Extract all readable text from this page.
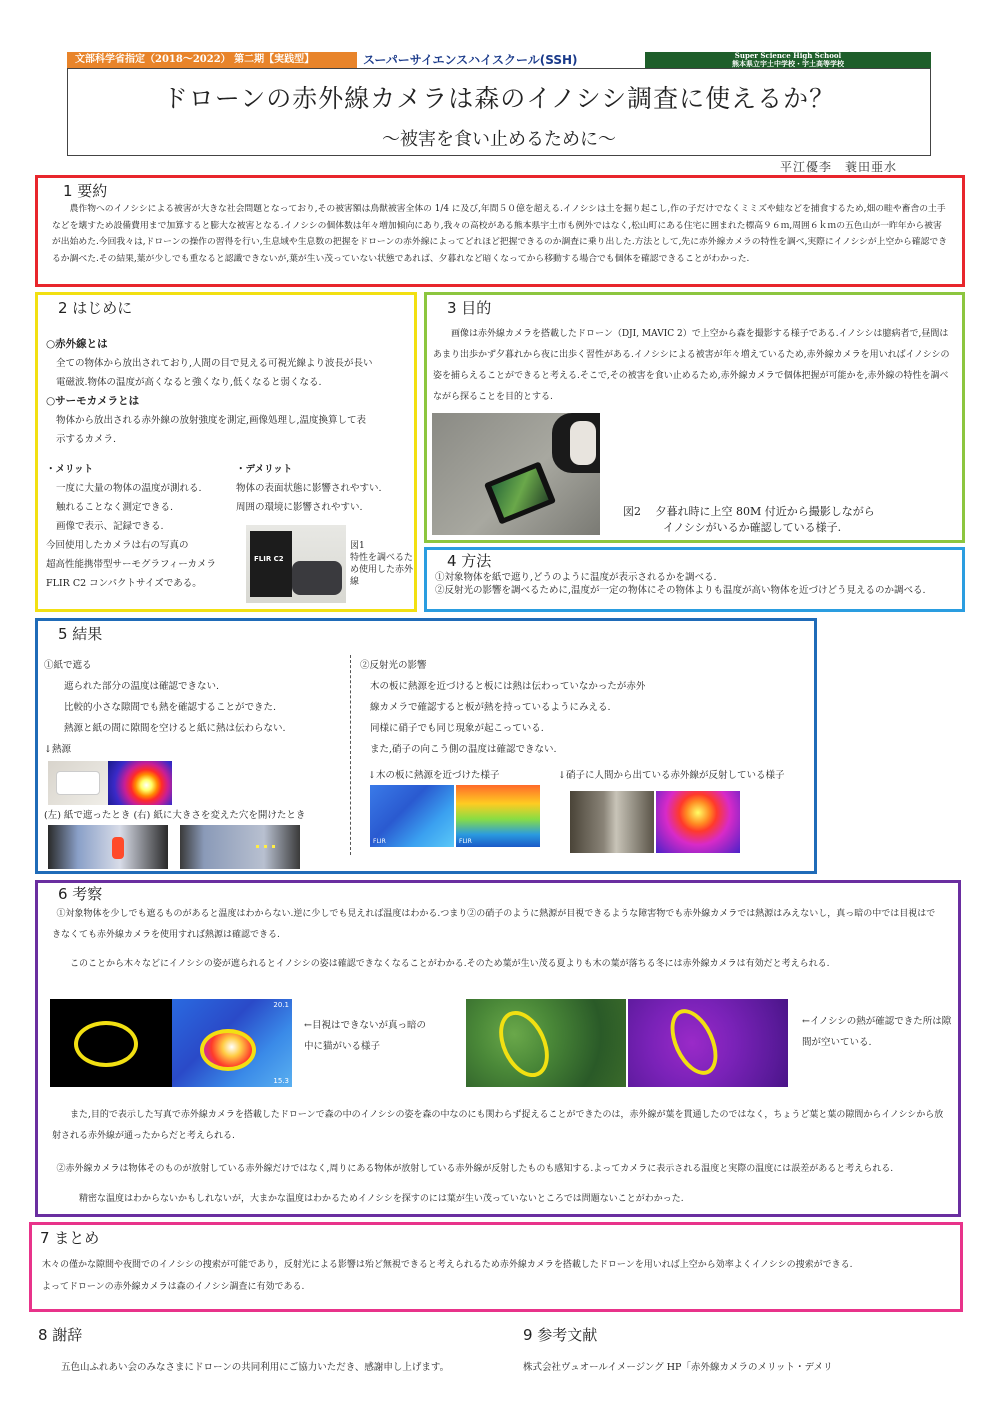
文部科学省指定（2018〜2022） 第二期【実践型】	スーパーサイエンスハイスクール(SSH)	Super Science High School
熊本県立宇土中学校・宇土高等学校
ドローンの赤外線カメラは森のイノシシ調査に使えるか？
〜被害を食い止めるために〜
平江優李　蓑田亜水
1 要約

農作物へのイノシシによる被害が大きな社会問題となっており,その被害額は鳥獣被害全体の 1/4 に及び,年間５０億を超える.イノシシは土を掘り起こし,作の子だけでなくミミズや蛙などを捕食するため,畑の畦や畜舎の土手などを壊すため設備費用まで加算すると膨大な被害となる.イノシシの個体数は年々増加傾向にあり,我々の高校がある熊本県宇土市も例外ではなく,松山町にある住宅に囲まれた標高９６ｍ,周囲６ｋｍの五色山が一昨年から被害が出始めた.今回我々は,ドローンの操作の習得を行い,生息域や生息数の把握をドローンの赤外線によってどれほど把握できるのか調査に乗り出した.方法として,先に赤外線カメラの特性を調べ,実際にイノシシが上空から確認できるか調べた.その結果,葉が少しでも重なると認識できないが,葉が生い茂っていない状態であれば、夕暮れなど暗くなってから移動する場合でも個体を確認できることがわかった.

2 はじめに

○赤外線とは

全ての物体から放出されており,人間の目で見える可視光線より波長が長い
電磁波.物体の温度が高くなると強くなり,低くなると弱くなる.

○サーモカメラとは

物体から放出される赤外線の放射強度を測定,画像処理し,温度換算して表
示するカメラ.

・メリット

一度に大量の物体の温度が測れる.

触れることなく測定できる.

画像で表示、記録できる.

今回使用したカメラは右の写真の

超高性能携帯型サーモグラフィーカメラ

FLIR C2 コンパクトサイズである。

・デメリット

物体の表面状態に影響されやすい.

周囲の環境に影響されやすい.

FLIR C2

図1
特性を調べるため使用した赤外線

3 目的

画像は赤外線カメラを搭載したドローン（DJI, MAVIC 2）で上空から森を撮影する様子である.イノシシは臆病者で,昼間はあまり出歩かず夕暮れから夜に出歩く習性がある.イノシシによる被害が年々増えているため,赤外線カメラを用いればイノシシの姿を捕らえることができると考える.そこで,その被害を食い止めるため,赤外線カメラで個体把握が可能かを,赤外線の特性を調べながら探ることを目的とする.

図2　 夕暮れ時に上空 80M 付近から撮影しながら

イノシシがいるか確認している様子.

4 方法

①対象物体を紙で遮り,どうのように温度が表示されるかを調べる.

②反射光の影響を調べるために,温度が一定の物体にその物体よりも温度が高い物体を近づけどう見えるのか調べる.

5 結果

①紙で遮る

遮られた部分の温度は確認できない.

比較的小さな隙間でも熱を確認することができた.

熱源と紙の間に隙間を空けると紙に熱は伝わらない.

↓熱源

(左) 紙で遮ったとき (右) 紙に大きさを変えた穴を開けたとき

②反射光の影響

木の板に熱源を近づけると板には熱は伝わっていなかったが赤外

線カメラで確認すると板が熱を持っているようにみえる.

同様に硝子でも同じ現象が起こっている.

また,硝子の向こう側の温度は確認できない.

↓木の板に熱源を近づけた様子	↓硝子に人間から出ている赤外線が反射している様子

FLIR	FLIR
6 考察

①対象物体を少しでも遮るものがあると温度はわからない.逆に少しでも見えれば温度はわかる.つまり②の硝子のように熱源が目視できるような障害物でも赤外線カメラでは熱源はみえないし，真っ暗の中では目視はできなくても赤外線カメラを使用すれば熱源は確認できる.

このことから木々などにイノシシの姿が遮られるとイノシシの姿は確認できなくなることがわかる.そのため葉が生い茂る夏よりも木の葉が落ちる冬には赤外線カメラは有効だと考えられる.

20.1
15.3

←目視はできないが真っ暗の中に猫がいる様子

←イノシシの熱が確認できた所は隙間が空いている.

また,目的で表示した写真で赤外線カメラを搭載したドローンで森の中のイノシシの姿を森の中なのにも関わらず捉えることができたのは，赤外線が葉を貫通したのではなく，ちょうど葉と葉の隙間からイノシシから放射される赤外線が通ったからだと考えられる.

②赤外線カメラは物体そのものが放射している赤外線だけではなく,周りにある物体が放射している赤外線が反射したものも感知する.よってカメラに表示される温度と実際の温度には誤差があると考えられる.

精密な温度はわからないかもしれないが，大まかな温度はわかるためイノシシを探すのには葉が生い茂っていないところでは問題ないことがわかった.

7 まとめ

木々の僅かな隙間や夜間でのイノシシの捜索が可能であり，反射光による影響は殆ど無視できると考えられるため赤外線カメラを搭載したドローンを用いれば上空から効率よくイノシシの捜索ができる.

よってドローンの赤外線カメラは森のイノシシ調査に有効である.

8 謝辞

五色山ふれあい会のみなさまにドローンの共同利用にご協力いただき、感謝申し上げます。

9 参考文献

株式会社ヴュオールイメージング HP「赤外線カメラのメリット・デメリ
